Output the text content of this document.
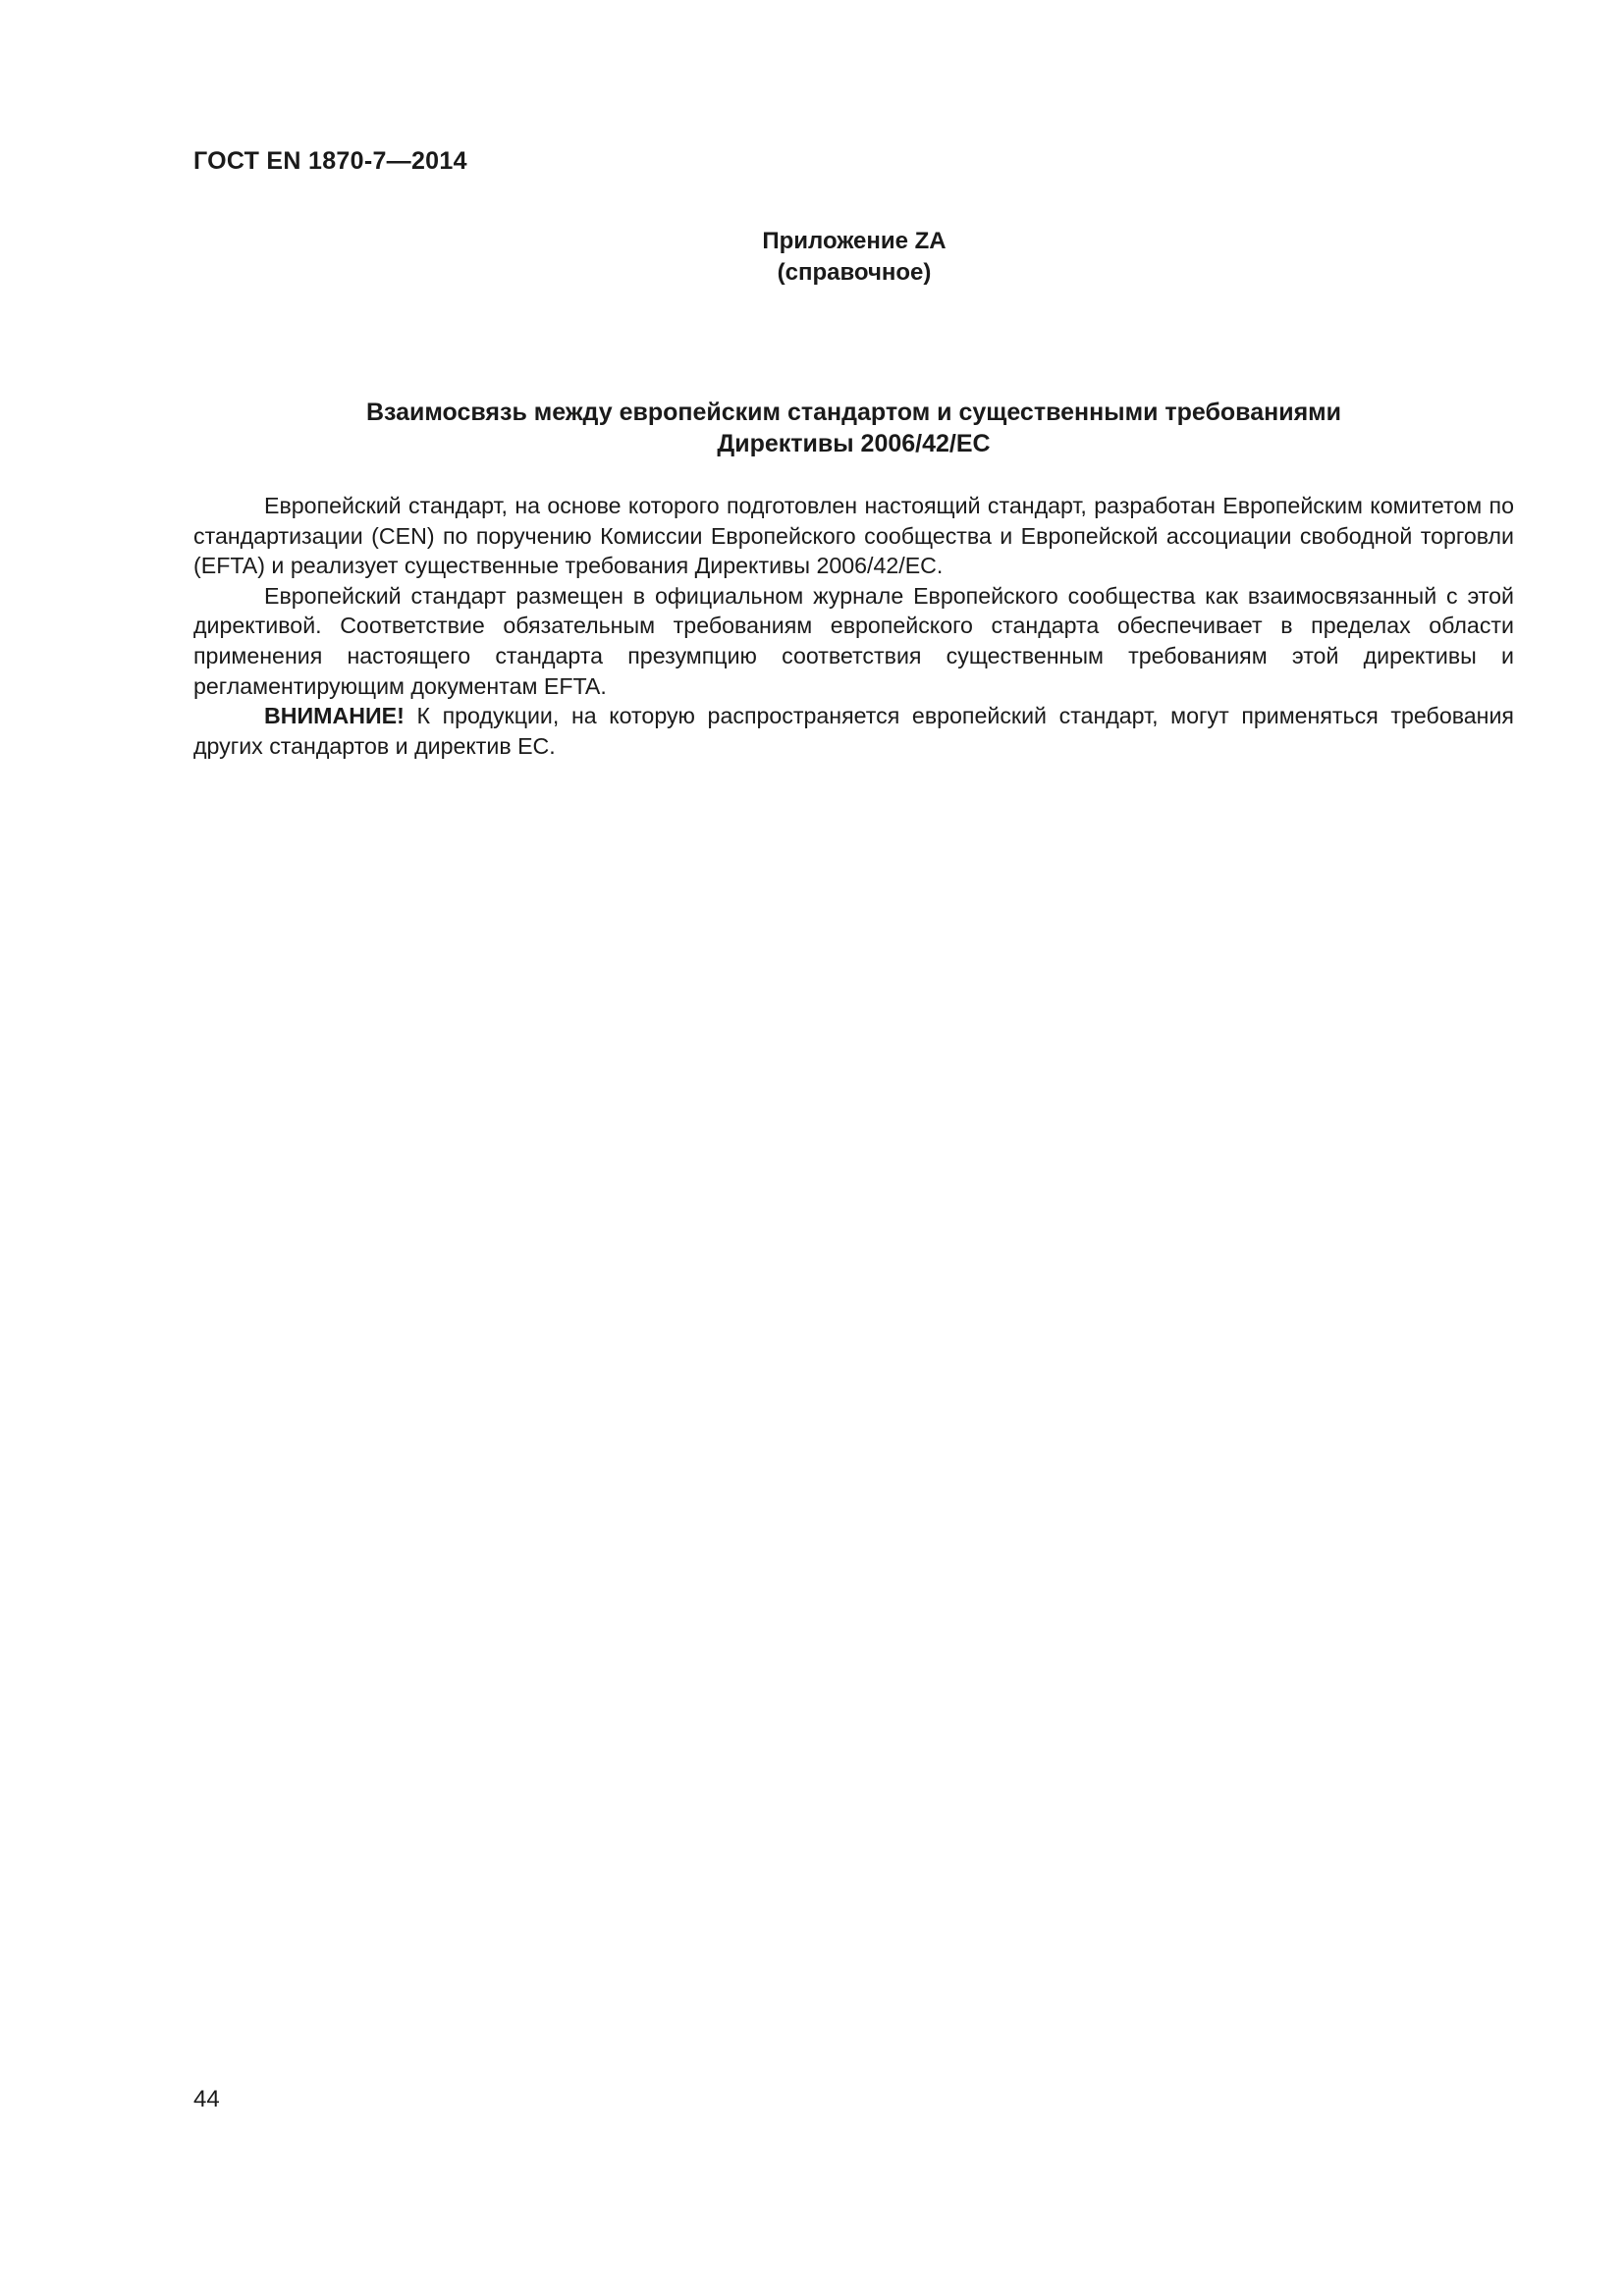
ГОСТ EN 1870-7—2014
Приложение ZA
(справочное)
Взаимосвязь между европейским стандартом и существенными требованиями
Директивы 2006/42/ЕС

Европейский стандарт, на основе которого подготовлен настоящий стандарт, разработан Европейским комитетом по стандартизации (CEN) по поручению Комиссии Европейского сообщества и Европейской ассоциации свободной торговли (EFTA) и реализует существенные требования Директивы 2006/42/ЕС.

Европейский стандарт размещен в официальном журнале Европейского сообщества как взаимосвязанный с этой директивой. Соответствие обязательным требованиям европейского стандарта обеспечивает в пределах области применения настоящего стандарта презумпцию соответствия существенным требованиям этой директивы и регламентирующим документам EFTA.

ВНИМАНИЕ! К продукции, на которую распространяется европейский стандарт, могут применяться требования других стандартов и директив ЕС.

44
